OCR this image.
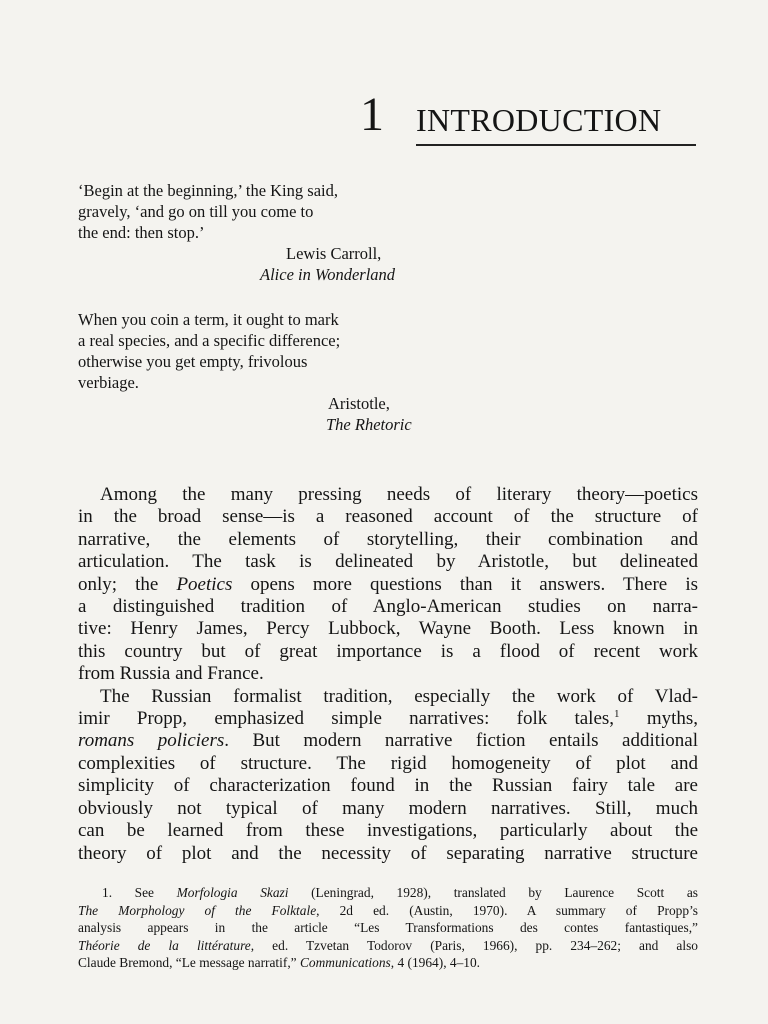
1 INTRODUCTION
‘Begin at the beginning,’ the King said,
gravely, ‘and go on till you come to
the end: then stop.’
Lewis Carroll,
Alice in Wonderland
When you coin a term, it ought to mark
a real species, and a specific difference;
otherwise you get empty, frivolous
verbiage.
Aristotle,
The Rhetoric
Among the many pressing needs of literary theory—poetics
in the broad sense—is a reasoned account of the structure of
narrative, the elements of storytelling, their combination and
articulation. The task is delineated by Aristotle, but delineated
only; the Poetics opens more questions than it answers. There is
a distinguished tradition of Anglo-American studies on narra-
tive: Henry James, Percy Lubbock, Wayne Booth. Less known in
this country but of great importance is a flood of recent work
from Russia and France.
The Russian formalist tradition, especially the work of Vlad-
imir Propp, emphasized simple narratives: folk tales,$^1$ myths,
romans policiers. But modern narrative fiction entails additional
complexities of structure. The rigid homogeneity of plot and
simplicity of characterization found in the Russian fairy tale are
obviously not typical of many modern narratives. Still, much
can be learned from these investigations, particularly about the
theory of plot and the necessity of separating narrative structure
1. See Morfologia Skazi (Leningrad, 1928), translated by Laurence Scott as
The Morphology of the Folktale, 2d ed. (Austin, 1970). A summary of Propp’s
analysis appears in the article “Les Transformations des contes fantastiques,”
Théorie de la littérature, ed. Tzvetan Todorov (Paris, 1966), pp. 234–262; and also
Claude Bremond, “Le message narratif,” Communications, 4 (1964), 4–10.
